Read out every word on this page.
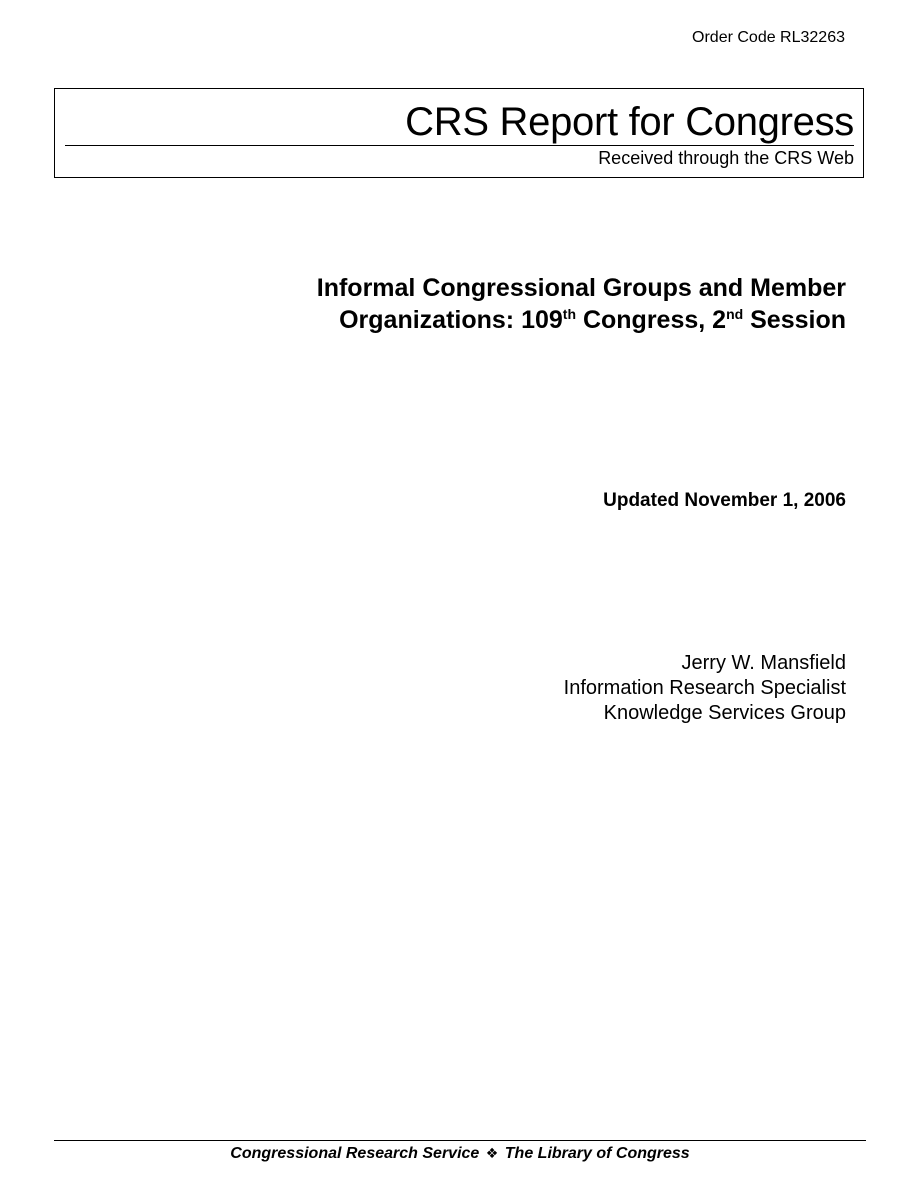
Order Code RL32263
CRS Report for Congress
Received through the CRS Web
Informal Congressional Groups and Member
Organizations: 109th Congress, 2nd Session
Updated November 1, 2006
Jerry W. Mansfield
Information Research Specialist
Knowledge Services Group
Congressional Research Service ❖ The Library of Congress
